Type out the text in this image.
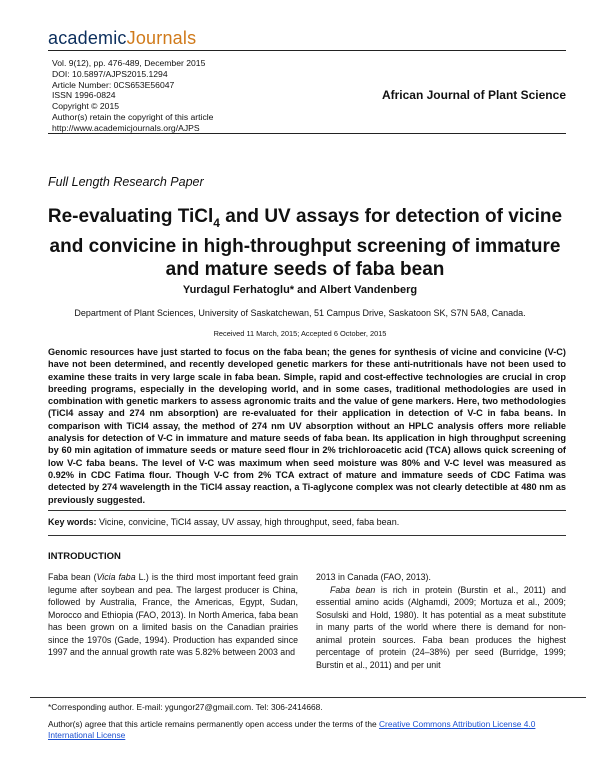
academicJournals
Vol. 9(12), pp. 476-489, December 2015
DOI: 10.5897/AJPS2015.1294
Article Number: 0CS653E56047
ISSN 1996-0824
Copyright © 2015
Author(s) retain the copyright of this article
http://www.academicjournals.org/AJPS
African Journal of Plant Science
Full Length Research Paper
Re-evaluating TiCl$_4$ and UV assays for detection of vicine and convicine in high-throughput screening of immature and mature seeds of faba bean
Yurdagul Ferhatoglu* and Albert Vandenberg
Department of Plant Sciences, University of Saskatchewan, 51 Campus Drive, Saskatoon SK, S7N 5A8, Canada.
Received 11 March, 2015; Accepted 6 October, 2015
Genomic resources have just started to focus on the faba bean; the genes for synthesis of vicine and convicine (V-C) have not been determined, and recently developed genetic markers for these anti-nutritionals have not been used to examine these traits in very large scale in faba bean. Simple, rapid and cost-effective technologies are crucial in crop breeding programs, especially in the developing world, and in some cases, traditional methodologies are used in combination with genetic markers to assess agronomic traits and the value of gene markers. Here, two methodologies (TiCl4 assay and 274 nm absorption) are re-evaluated for their application in detection of V-C in faba beans. In comparison with TiCl4 assay, the method of 274 nm UV absorption without an HPLC analysis offers more reliable analysis for detection of V-C in immature and mature seeds of faba bean. Its application in high throughput screening by 60 min agitation of immature seeds or mature seed flour in 2% trichloroacetic acid (TCA) allows quick screening of low V-C faba beans. The level of V-C was maximum when seed moisture was 80% and V-C level was measured as 0.92% in CDC Fatima flour. Though V-C from 2% TCA extract of mature and immature seeds of CDC Fatima was detected by 274 wavelength in the TiCl4 assay reaction, a Ti-aglycone complex was not clearly detectible at 480 nm as previously suggested.
Key words: Vicine, convicine, TiCl4 assay, UV assay, high throughput, seed, faba bean.
INTRODUCTION

Faba bean (Vicia faba L.) is the third most important feed grain legume after soybean and pea. The largest producer is China, followed by Australia, France, the Americas, Egypt, Sudan, Morocco and Ethiopia (FAO, 2013). In North America, faba bean has been grown on a limited basis on the Canadian prairies since the 1970s (Gade, 1994). Production has expanded since 1997 and the annual growth rate was 5.82% between 2003 and

2013 in Canada (FAO, 2013).

Faba bean is rich in protein (Burstin et al., 2011) and essential amino acids (Alghamdi, 2009; Mortuza et al., 2009; Sosulski and Hold, 1980). It has potential as a meat substitute in many parts of the world where there is demand for non-animal protein sources. Faba bean produces the highest percentage of protein (24–38%) per seed (Burridge, 1999; Burstin et al., 2011) and per unit

*Corresponding author. E-mail: ygungor27@gmail.com. Tel: 306-2414668.
Author(s) agree that this article remains permanently open access under the terms of the Creative Commons Attribution License 4.0 International License
